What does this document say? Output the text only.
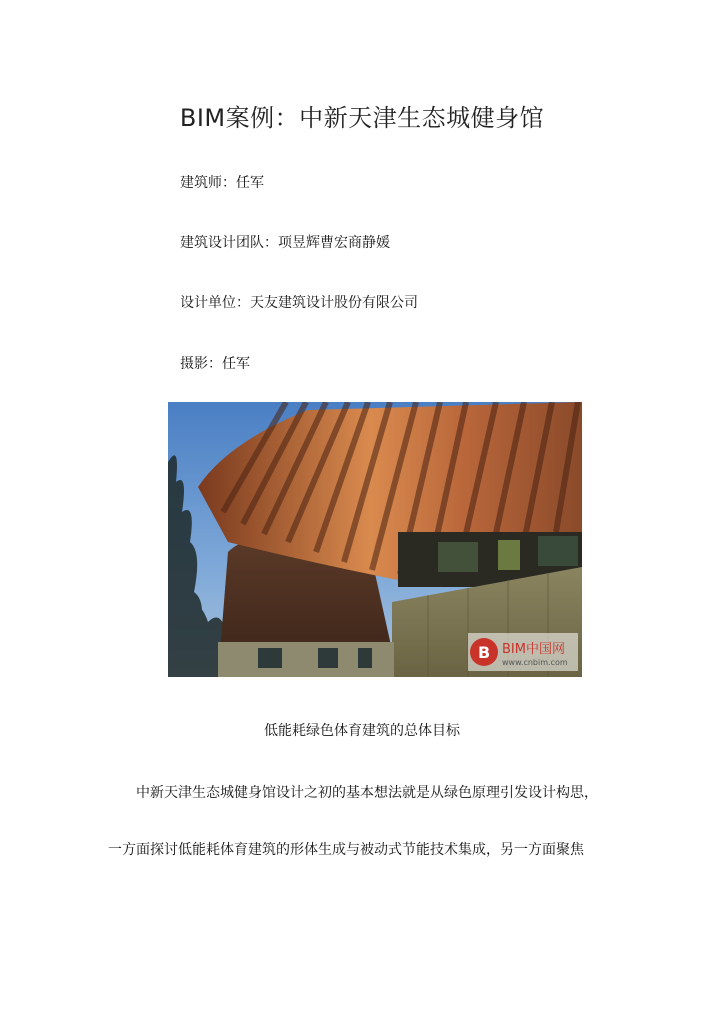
BIM案例：中新天津生态城健身馆
建筑师：任军
建筑设计团队：项昱辉曹宏商静媛
设计单位：天友建筑设计股份有限公司
摄影：任军
B BIM中国网
www.cnbim.com
低能耗绿色体育建筑的总体目标
中新天津生态城健身馆设计之初的基本想法就是从绿色原理引发设计构思，
一方面探讨低能耗体育建筑的形体生成与被动式节能技术集成，另一方面聚焦
